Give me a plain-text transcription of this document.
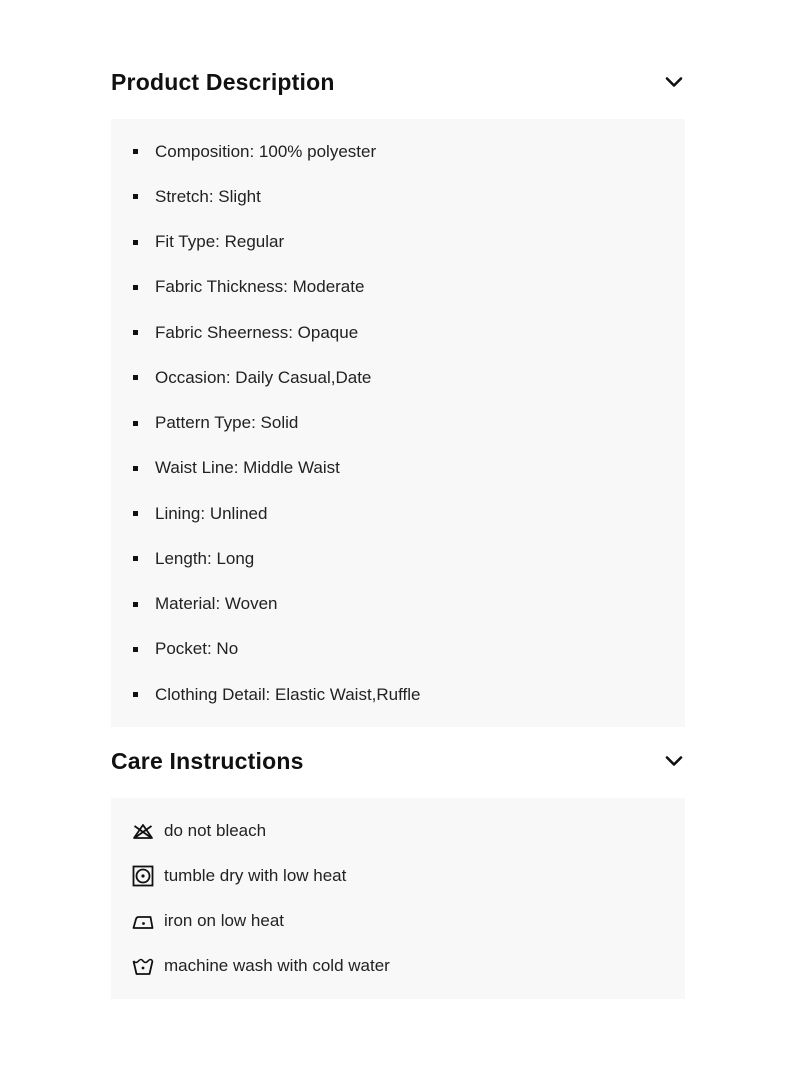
Product Description
Composition: 100% polyester
Stretch: Slight
Fit Type: Regular
Fabric Thickness: Moderate
Fabric Sheerness: Opaque
Occasion: Daily Casual,Date
Pattern Type: Solid
Waist Line: Middle Waist
Lining: Unlined
Length: Long
Material: Woven
Pocket: No
Clothing Detail: Elastic Waist,Ruffle
Care Instructions
do not bleach
tumble dry with low heat
iron on low heat
machine wash with cold water
